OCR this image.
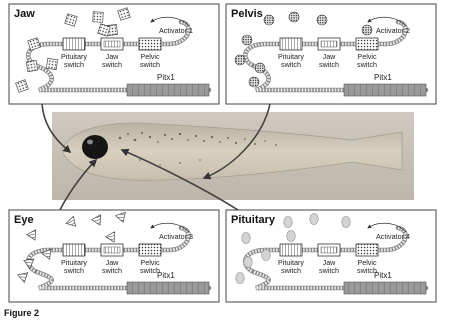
Jaw
Pituitary
switch
Jaw
switch
Pelvic
switch
Activator 1
Pitx1
Pelvis
Pituitary
switch
Jaw
switch
Pelvic
switch
Activator 2
Pitx1
Eye
Pituitary
switch
Jaw
switch
Pelvic
switch
Activator 3
Pitx1
Pituitary
Pituitary
switch
Jaw
switch
Pelvic
switch
Activator 4
Pitx1
Figure 2
